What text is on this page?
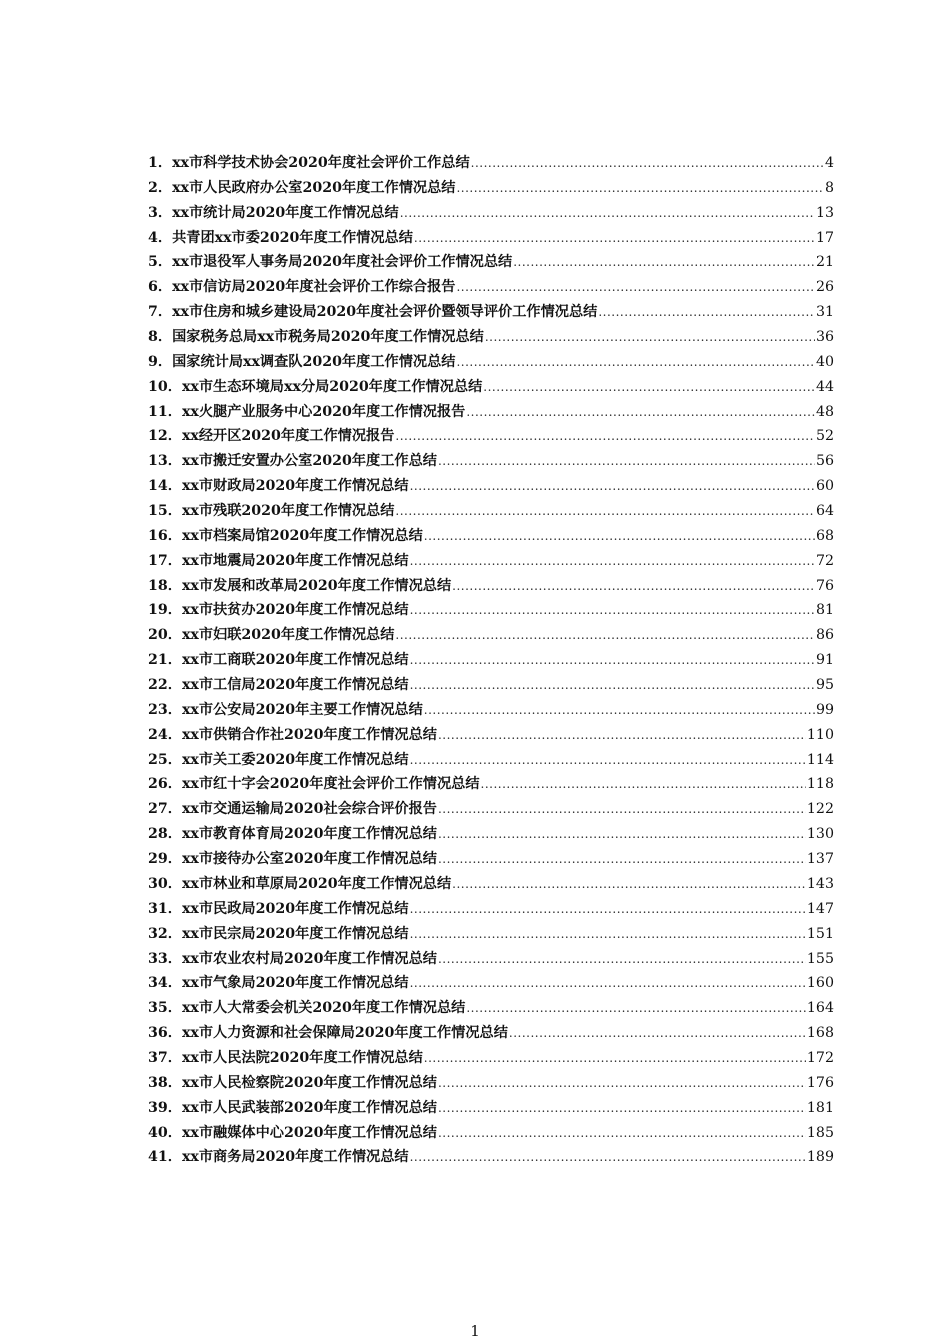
1． xx市科学技术协会2020年度社会评价工作总结 .....	4
2． xx市人民政府办公室2020年度工作情况总结 .....	8
3． xx市统计局2020年度工作情况总结 .....	13
4． 共青团xx市委2020年度工作情况总结 .....	17
5． xx市退役军人事务局2020年度社会评价工作情况总结 .....	21
6． xx市信访局2020年度社会评价工作综合报告 .....	26
7． xx市住房和城乡建设局2020年度社会评价暨领导评价工作情况总结 .....	31
8． 国家税务总局xx市税务局2020年度工作情况总结 .....	36
9． 国家统计局xx调查队2020年度工作情况总结 .....	40
10． xx市生态环境局xx分局2020年度工作情况总结 .....	44
11． xx火腿产业服务中心2020年度工作情况报告 .....	48
12． xx经开区2020年度工作情况报告 .....	52
13． xx市搬迁安置办公室2020年度工作总结 .....	56
14． xx市财政局2020年度工作情况总结 .....	60
15． xx市残联2020年度工作情况总结 .....	64
16． xx市档案局馆2020年度工作情况总结 .....	68
17． xx市地震局2020年度工作情况总结 .....	72
18． xx市发展和改革局2020年度工作情况总结 .....	76
19． xx市扶贫办2020年度工作情况总结 .....	81
20． xx市妇联2020年度工作情况总结 .....	86
21． xx市工商联2020年度工作情况总结 .....	91
22． xx市工信局2020年度工作情况总结 .....	95
23． xx市公安局2020年主要工作情况总结 .....	99
24． xx市供销合作社2020年度工作情况总结 .....	110
25． xx市关工委2020年度工作情况总结 .....	114
26． xx市红十字会2020年度社会评价工作情况总结 .....	118
27． xx市交通运输局2020社会综合评价报告 .....	122
28． xx市教育体育局2020年度工作情况总结 .....	130
29． xx市接待办公室2020年度工作情况总结 .....	137
30． xx市林业和草原局2020年度工作情况总结 .....	143
31． xx市民政局2020年度工作情况总结 .....	147
32． xx市民宗局2020年度工作情况总结 .....	151
33． xx市农业农村局2020年度工作情况总结 .....	155
34． xx市气象局2020年度工作情况总结 .....	160
35． xx市人大常委会机关2020年度工作情况总结 .....	164
36． xx市人力资源和社会保障局2020年度工作情况总结 .....	168
37． xx市人民法院2020年度工作情况总结 .....	172
38． xx市人民检察院2020年度工作情况总结 .....	176
39． xx市人民武装部2020年度工作情况总结 .....	181
40． xx市融媒体中心2020年度工作情况总结 .....	185
41． xx市商务局2020年度工作情况总结 .....	189
1
